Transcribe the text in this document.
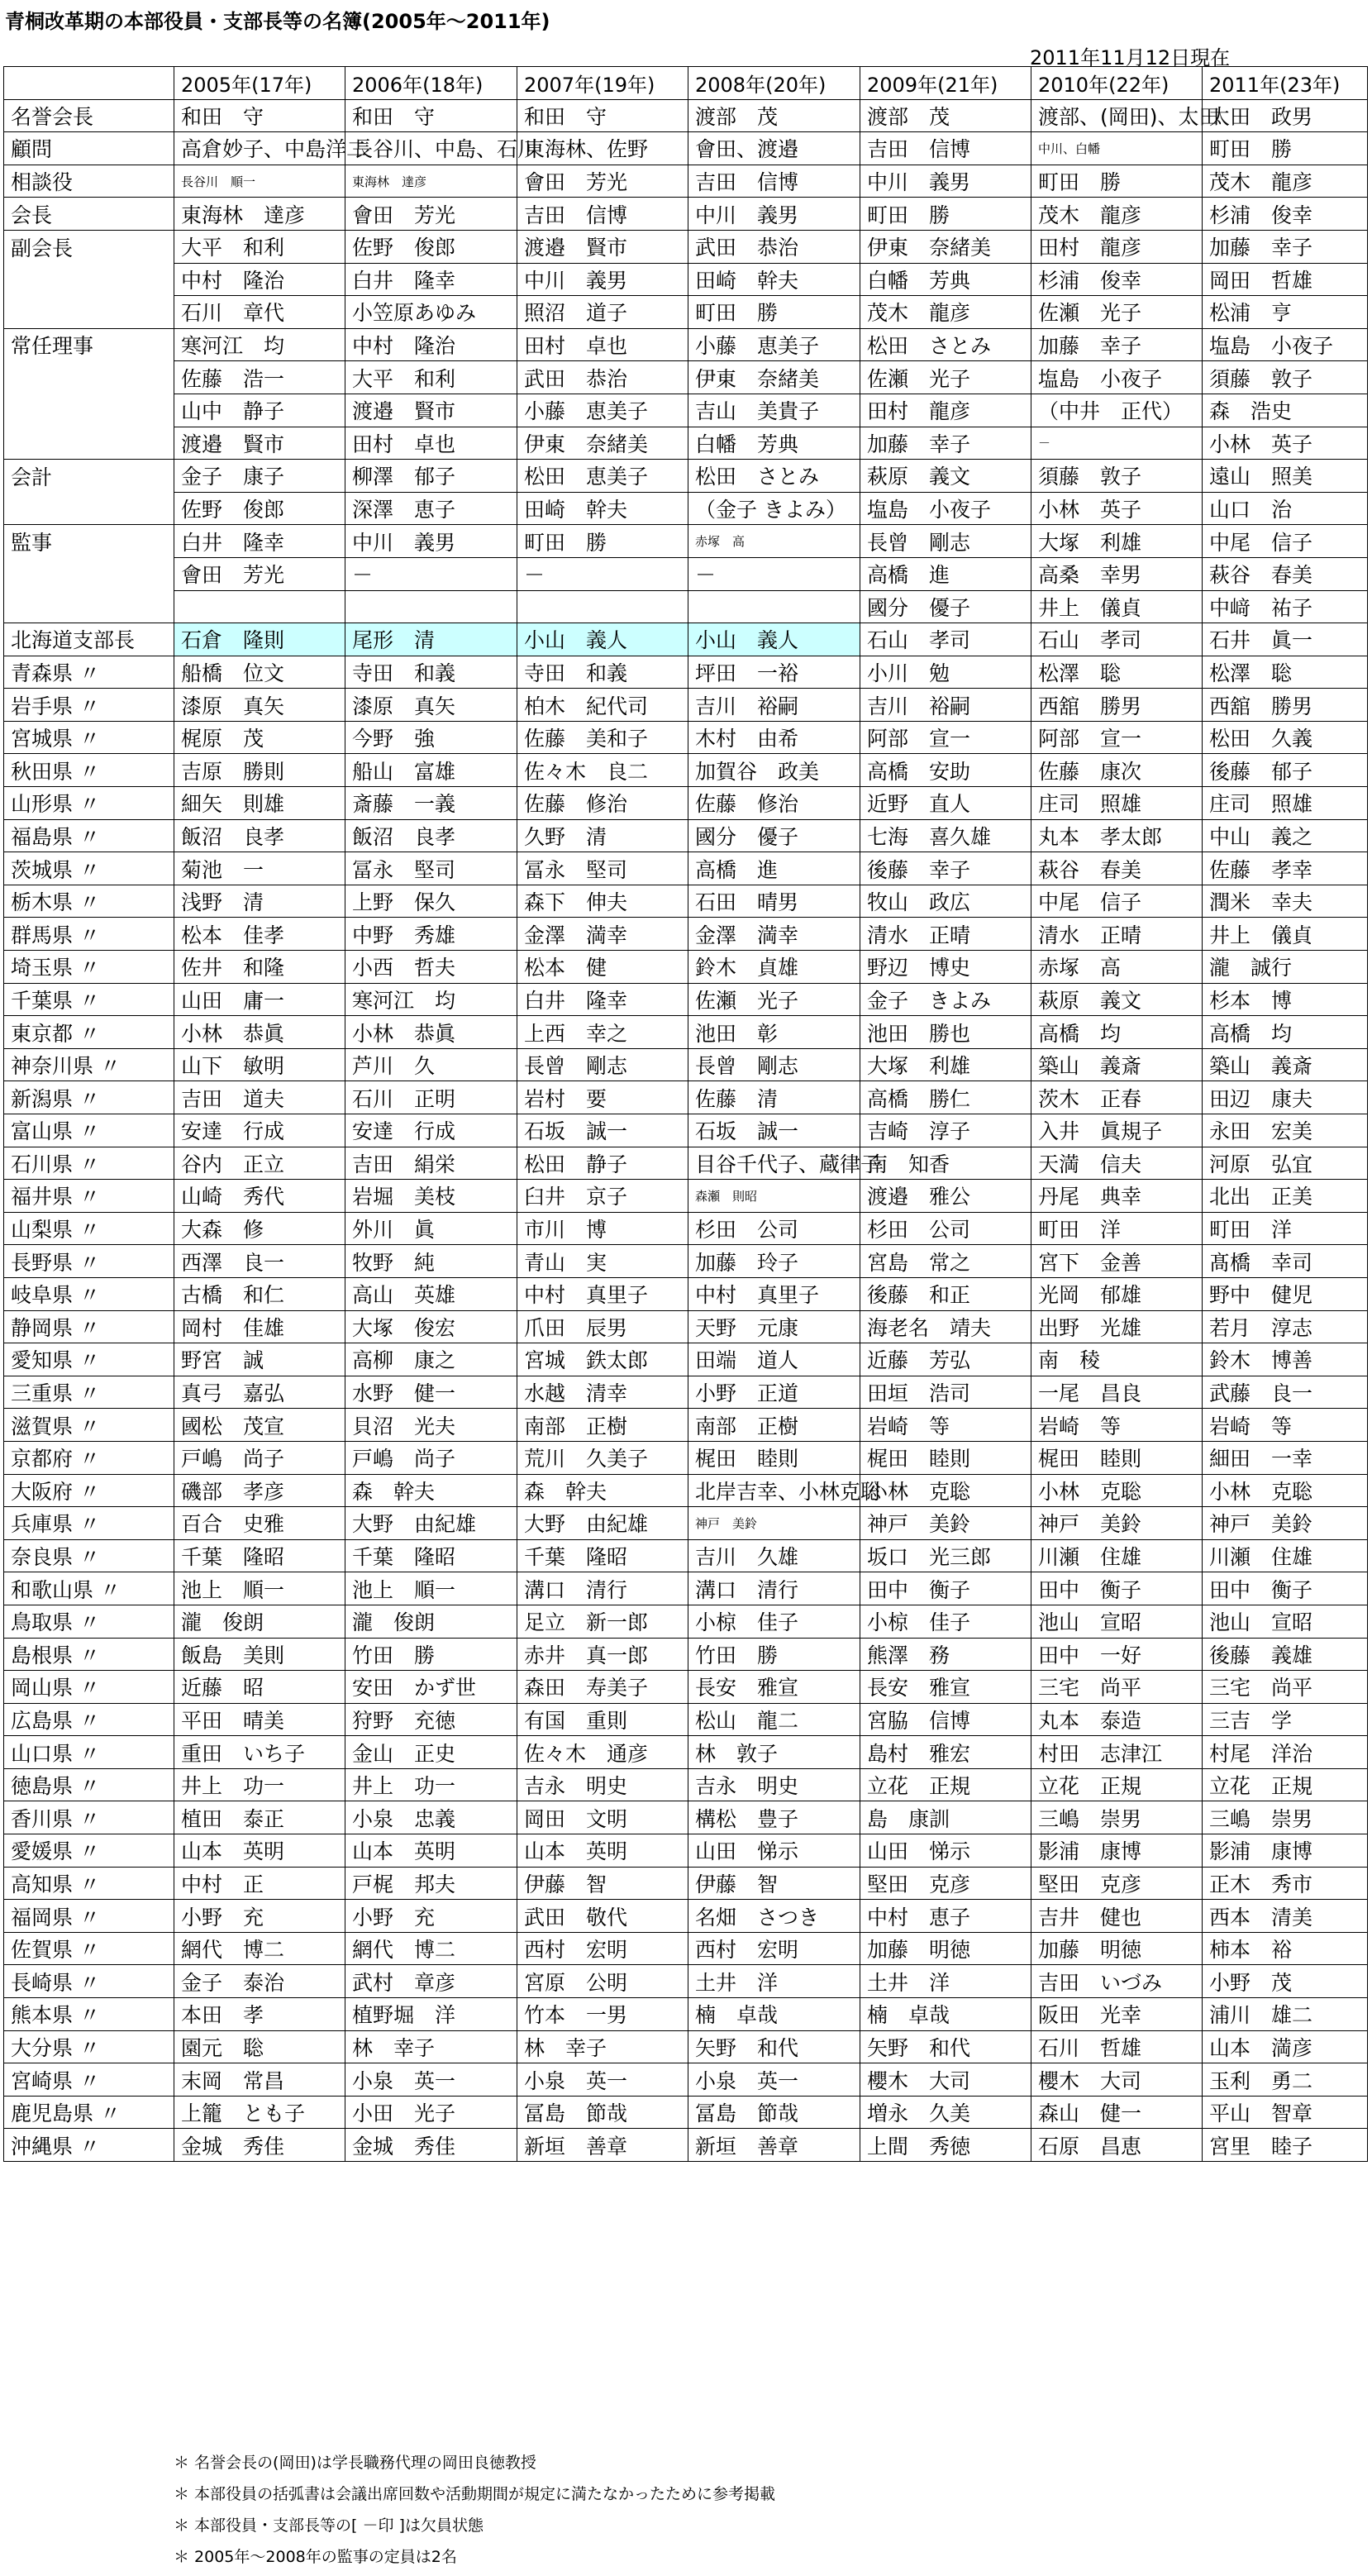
青桐改革期の本部役員・支部長等の名簿(2005年～2011年)
2011年11月12日現在
	2005年(17年)	2006年(18年)	2007年(19年)	2008年(20年)	2009年(21年)	2010年(22年)	2011年(23年)
名誉会長	和田　守	和田　守	和田　守	渡部　茂	渡部　茂	渡部、(岡田)、太田	太田　政男
顧問	高倉妙子、中島洋二	長谷川、中島、石川	東海林、佐野	會田、渡邉	吉田　信博	中川、白幡	町田　勝
相談役	長谷川　順一	東海林　達彦	會田　芳光	吉田　信博	中川　義男	町田　勝	茂木　龍彦
会長	東海林　達彦	會田　芳光	吉田　信博	中川　義男	町田　勝	茂木　龍彦	杉浦　俊幸
副会長	大平　和利	佐野　俊郎	渡邉　賢市	武田　恭治	伊東　奈緒美	田村　龍彦	加藤　幸子
	中村　隆治	白井　隆幸	中川　義男	田崎　幹夫	白幡　芳典	杉浦　俊幸	岡田　哲雄
	石川　章代	小笠原あゆみ	照沼　道子	町田　勝	茂木　龍彦	佐瀬　光子	松浦　亨
常任理事	寒河江　均	中村　隆治	田村　卓也	小藤　恵美子	松田　さとみ	加藤　幸子	塩島　小夜子
	佐藤　浩一	大平　和利	武田　恭治	伊東　奈緒美	佐瀬　光子	塩島　小夜子	須藤　敦子
	山中　静子	渡邉　賢市	小藤　恵美子	吉山　美貴子	田村　龍彦	（中井　正代）	森　浩史
	渡邉　賢市	田村　卓也	伊東　奈緒美	白幡　芳典	加藤　幸子	－	小林　英子
会計	金子　康子	柳澤　郁子	松田　恵美子	松田　さとみ	萩原　義文	須藤　敦子	遠山　照美
	佐野　俊郎	深澤　恵子	田崎　幹夫	（金子 きよみ）	塩島　小夜子	小林　英子	山口　治
監事	白井　隆幸	中川　義男	町田　勝	赤塚　高	長曾　剛志	大塚　利雄	中尾　信子
	會田　芳光	－	－	－	高橋　進	高桑　幸男	萩谷　春美
					國分　優子	井上　儀貞	中﨑　祐子
北海道支部長	石倉　隆則	尾形　清	小山　義人	小山　義人	石山　孝司	石山　孝司	石井　眞一
青森県 〃	船橋　位文	寺田　和義	寺田　和義	坪田　一裕	小川　勉	松澤　聡	松澤　聡
岩手県 〃	漆原　真矢	漆原　真矢	柏木　紀代司	吉川　裕嗣	吉川　裕嗣	西舘　勝男	西舘　勝男
宮城県 〃	梶原　茂	今野　強	佐藤　美和子	木村　由希	阿部　宣一	阿部　宣一	松田　久義
秋田県 〃	吉原　勝則	船山　富雄	佐々木　良二	加賀谷　政美	高橋　安助	佐藤　康次	後藤　郁子
山形県 〃	細矢　則雄	斎藤　一義	佐藤　修治	佐藤　修治	近野　直人	庄司　照雄	庄司　照雄
福島県 〃	飯沼　良孝	飯沼　良孝	久野　清	國分　優子	七海　喜久雄	丸本　孝太郎	中山　義之
茨城県 〃	菊池　一	冨永　堅司	冨永　堅司	高橋　進	後藤　幸子	萩谷　春美	佐藤　孝幸
栃木県 〃	浅野　清	上野　保久	森下　伸夫	石田　晴男	牧山　政広	中尾　信子	潤米　幸夫
群馬県 〃	松本　佳孝	中野　秀雄	金澤　満幸	金澤　満幸	清水　正晴	清水　正晴	井上　儀貞
埼玉県 〃	佐井　和隆	小西　哲夫	松本　健	鈴木　貞雄	野辺　博史	赤塚　高	瀧　誠行
千葉県 〃	山田　庸一	寒河江　均	白井　隆幸	佐瀬　光子	金子　きよみ	萩原　義文	杉本　博
東京都 〃	小林　恭眞	小林　恭眞	上西　幸之	池田　彰	池田　勝也	高橋　均	高橋　均
神奈川県 〃	山下　敏明	芦川　久	長曾　剛志	長曾　剛志	大塚　利雄	築山　義斎	築山　義斎
新潟県 〃	吉田　道夫	石川　正明	岩村　要	佐藤　清	高橋　勝仁	茨木　正春	田辺　康夫
富山県 〃	安達　行成	安達　行成	石坂　誠一	石坂　誠一	吉崎　淳子	入井　眞規子	永田　宏美
石川県 〃	谷内　正立	吉田　絹栄	松田　静子	目谷千代子、蔵律子	南　知香	天満　信夫	河原　弘宜
福井県 〃	山崎　秀代	岩堀　美枝	臼井　京子	森瀬　則昭	渡邉　雅公	丹尾　典幸	北出　正美
山梨県 〃	大森　修	外川　眞	市川　博	杉田　公司	杉田　公司	町田　洋	町田　洋
長野県 〃	西澤　良一	牧野　純	青山　実	加藤　玲子	宮島　常之	宮下　金善	髙橋　幸司
岐阜県 〃	古橋　和仁	高山　英雄	中村　真里子	中村　真里子	後藤　和正	光岡　郁雄	野中　健児
静岡県 〃	岡村　佳雄	大塚　俊宏	爪田　辰男	天野　元康	海老名　靖夫	出野　光雄	若月　淳志
愛知県 〃	野宮　誠	高柳　康之	宮城　鉄太郎	田端　道人	近藤　芳弘	南　稜	鈴木　博善
三重県 〃	真弓　嘉弘	水野　健一	水越　清幸	小野　正道	田垣　浩司	一尾　昌良	武藤　良一
滋賀県 〃	國松　茂宣	貝沼　光夫	南部　正樹	南部　正樹	岩崎　等	岩崎　等	岩崎　等
京都府 〃	戸嶋　尚子	戸嶋　尚子	荒川　久美子	梶田　睦則	梶田　睦則	梶田　睦則	細田　一幸
大阪府 〃	磯部　孝彦	森　幹夫	森　幹夫	北岸吉幸、小林克聡	小林　克聡	小林　克聡	小林　克聡
兵庫県 〃	百合　史雅	大野　由紀雄	大野　由紀雄	神戸　美鈴	神戸　美鈴	神戸　美鈴	神戸　美鈴
奈良県 〃	千葉　隆昭	千葉　隆昭	千葉　隆昭	吉川　久雄	坂口　光三郎	川瀬　住雄	川瀬　住雄
和歌山県 〃	池上　順一	池上　順一	溝口　清行	溝口　清行	田中　衡子	田中　衡子	田中　衡子
鳥取県 〃	瀧　俊朗	瀧　俊朗	足立　新一郎	小椋　佳子	小椋　佳子	池山　宣昭	池山　宣昭
島根県 〃	飯島　美則	竹田　勝	赤井　真一郎	竹田　勝	熊澤　務	田中　一好	後藤　義雄
岡山県 〃	近藤　昭	安田　かず世	森田　寿美子	長安　雅宣	長安　雅宣	三宅　尚平	三宅　尚平
広島県 〃	平田　晴美	狩野　充徳	有国　重則	松山　龍二	宮脇　信博	丸本　泰造	三吉　学
山口県 〃	重田　いち子	金山　正史	佐々木　通彦	林　敦子	島村　雅宏	村田　志津江	村尾　洋治
徳島県 〃	井上　功一	井上　功一	吉永　明史	吉永　明史	立花　正規	立花　正規	立花　正規
香川県 〃	植田　泰正	小泉　忠義	岡田　文明	構松　豊子	島　康訓	三嶋　崇男	三嶋　崇男
愛媛県 〃	山本　英明	山本　英明	山本　英明	山田　悌示	山田　悌示	影浦　康博	影浦　康博
高知県 〃	中村　正	戸梶　邦夫	伊藤　智	伊藤　智	堅田　克彦	堅田　克彦	正木　秀市
福岡県 〃	小野　充	小野　充	武田　敬代	名畑　さつき	中村　恵子	吉井　健也	西本　清美
佐賀県 〃	網代　博二	網代　博二	西村　宏明	西村　宏明	加藤　明徳	加藤　明徳	柿本　裕
長崎県 〃	金子　泰治	武村　章彦	宮原　公明	土井　洋	土井　洋	吉田　いづみ	小野　茂
熊本県 〃	本田　孝	植野堀　洋	竹本　一男	楠　卓哉	楠　卓哉	阪田　光幸	浦川　雄二
大分県 〃	園元　聡	林　幸子	林　幸子	矢野　和代	矢野　和代	石川　哲雄	山本　満彦
宮崎県 〃	末岡　常昌	小泉　英一	小泉　英一	小泉　英一	櫻木　大司	櫻木　大司	玉利　勇二
鹿児島県 〃	上籠　とも子	小田　光子	冨島　節哉	冨島　節哉	増永　久美	森山　健一	平山　智章
沖縄県 〃	金城　秀佳	金城　秀佳	新垣　善章	新垣　善章	上間　秀徳	石原　昌恵	宮里　睦子
＊ 名誉会長の(岡田)は学長職務代理の岡田良徳教授
＊ 本部役員の括弧書は会議出席回数や活動期間が規定に満たなかったために参考掲載
＊ 本部役員・支部長等の[ －印 ]は欠員状態
＊ 2005年～2008年の監事の定員は2名
